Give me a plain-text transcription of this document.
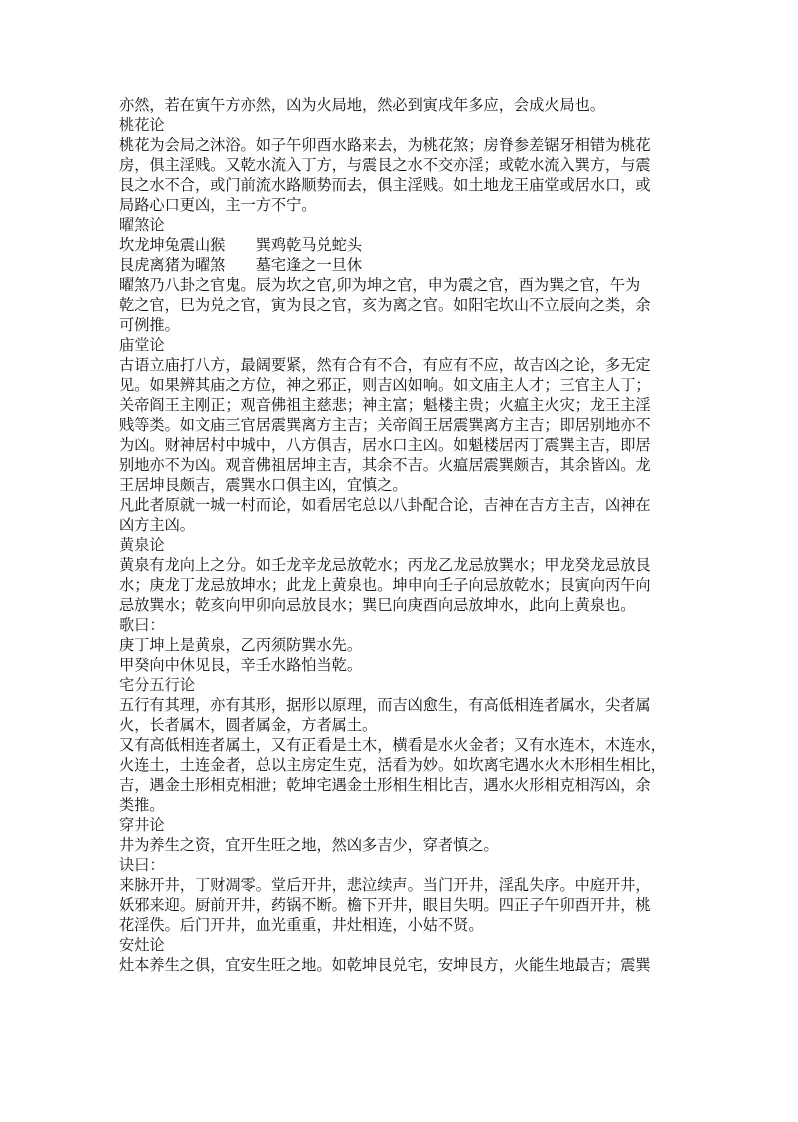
亦然，若在寅午方亦然，凶为火局地，然必到寅戌年多应，会成火局也。
桃花论
桃花为会局之沐浴。如子午卯酉水路来去，为桃花煞；房脊参差锯牙相错为桃花
房，俱主淫贱。又乾水流入丁方，与震艮之水不交亦淫；或乾水流入巽方，与震
艮之水不合，或门前流水路顺势而去，俱主淫贱。如土地龙王庙堂或居水口，或
局路心口更凶，主一方不宁。
曜煞论
坎龙坤兔震山猴　　巽鸡乾马兑蛇头
艮虎离猪为曜煞　　墓宅逢之一旦休
曜煞乃八卦之官鬼。辰为坎之官,卯为坤之官，申为震之官，酉为巽之官，午为
乾之官，巳为兑之官，寅为艮之官，亥为离之官。如阳宅坎山不立辰向之类，余
可例推。
庙堂论
古语立庙打八方，最阔要紧，然有合有不合，有应有不应，故吉凶之论，多无定
见。如果辨其庙之方位，神之邪正，则吉凶如响。如文庙主人才；三官主人丁；
关帝阎王主刚正；观音佛祖主慈悲；神主富；魁楼主贵；火瘟主火灾；龙王主淫
贱等类。如文庙三官居震巽离方主吉；关帝阎王居震巽离方主吉；即居别地亦不
为凶。财神居村中城中，八方俱吉，居水口主凶。如魁楼居丙丁震巽主吉，即居
别地亦不为凶。观音佛祖居坤主吉，其余不吉。火瘟居震巽颇吉，其余皆凶。龙
王居坤艮颇吉，震巽水口俱主凶，宜慎之。
凡此者原就一城一村而论，如看居宅总以八卦配合论，吉神在吉方主吉，凶神在
凶方主凶。
黄泉论
黄泉有龙向上之分。如壬龙辛龙忌放乾水；丙龙乙龙忌放巽水；甲龙癸龙忌放艮
水；庚龙丁龙忌放坤水；此龙上黄泉也。坤申向壬子向忌放乾水；艮寅向丙午向
忌放巽水；乾亥向甲卯向忌放艮水；巽巳向庚酉向忌放坤水，此向上黄泉也。
歌曰：
庚丁坤上是黄泉，乙丙须防巽水先。
甲癸向中休见艮，辛壬水路怕当乾。
宅分五行论
五行有其理，亦有其形，据形以原理，而吉凶愈生，有高低相连者属水，尖者属
火，长者属木，圆者属金，方者属土。
又有高低相连者属土，又有正看是土木，横看是水火金者；又有水连木，木连水，
火连土，土连金者，总以主房定生克，活看为妙。如坎离宅遇水火木形相生相比，
吉，遇金土形相克相泄；乾坤宅遇金土形相生相比吉，遇水火形相克相泻凶，余
类推。
穿井论
井为养生之资，宜开生旺之地，然凶多吉少，穿者慎之。
诀曰：
来脉开井，丁财凋零。堂后开井，悲泣续声。当门开井，淫乱失序。中庭开井，
妖邪来迎。厨前开井，药锅不断。檐下开井，眼目失明。四正子午卯酉开井，桃
花淫佚。后门开井，血光重重，井灶相连，小姑不贤。
安灶论
灶本养生之俱，宜安生旺之地。如乾坤艮兑宅，安坤艮方，火能生地最吉；震巽
